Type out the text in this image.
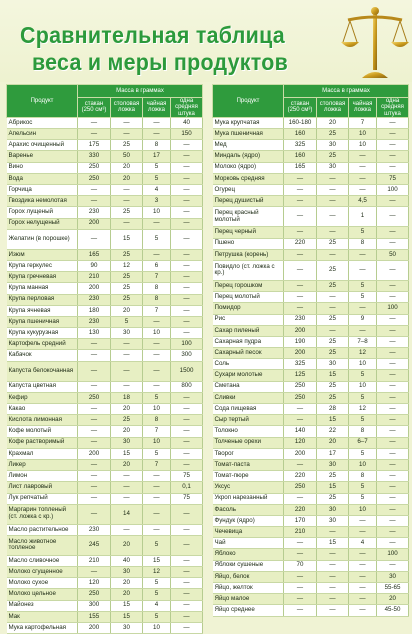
Сравнительная таблица
веса и меры продуктов
Продукт	Масса в граммах			
	стакан (250 см³)	столовая ложка	чайная ложка	одна средняя штука
Абрикос	—	—	—	40
Апельсин	—	—	—	150
Арахис очищенный	175	25	8	—
Варенье	330	50	17	—
Вино	250	20	5	—
Вода	250	20	5	—
Горчица	—	—	4	—
Гвоздика немолотая	—	—	3	—
Горох лущеный	230	25	10	—
Горох нелущеный	200	—	—	—
Желатин (в порошке)	—	15	5	—
Изюм	165	25	—	—
Крупа геркулес	90	12	6	—
Крупа гречневая	210	25	7	—
Крупа манная	200	25	8	—
Крупа перловая	230	25	8	—
Крупа ячневая	180	20	7	—
Крупа пшеничная	230	5	—	—
Крупа кукурузная	130	30	10	—
Картофель средний	—	—	—	100
Кабачок	—	—	—	300
Капуста белокочанная	—	—	—	1500
Капуста цветная	—	—	—	800
Кефир	250	18	5	—
Какао	—	20	10	—
Кислота лимонная	—	25	8	—
Кофе молотый	—	20	7	—
Кофе растворимый	—	30	10	—
Крахмал	200	15	5	—
Ликер	—	20	7	—
Лимон	—	—	—	75
Лист лавровый	—	—	—	0,1
Лук репчатый	—	—	—	75
Маргарин топленый (ст. ложка с кр.)	—	14	—	—
Масло растительное	230	—	—	—
Масло животное топленое	245	20	5	—
Масло сливочное	210	40	15	—
Молоко сгущенное	—	30	12	—
Молоко сухое	120	20	5	—
Молоко цельное	250	20	5	—
Майонез	300	15	4	—
Мак	155	15	5	—
Мука картофельная	200	30	10	—
Продукт	Масса в граммах			
	стакан (250 см³)	столовая ложка	чайная ложка	одна средняя штука
Мука крупчатая	160-180	20	7	—
Мука пшеничная	160	25	10	—
Мед	325	30	10	—
Миндаль (ядро)	160	25	—	—
Молоко (ядро)	165	30	—	—
Морковь средняя	—	—	—	75
Огурец	—	—	—	100
Перец душистый	—	—	4,5	—
Перец красный молотый	—	—	1	—
Перец черный	—	—	5	—
Пшено	220	25	8	—
Петрушка (корень)	—	—	—	50
Повидло (ст. ложка с кр.)	—	25	—	—
Перец горошком	—	25	5	—
Перец молотый	—	—	5	—
Помидор	—	—	—	100
Рис	230	25	9	—
Сахар пиленый	200	—	—	—
Сахарная пудра	190	25	7–8	—
Сахарный песок	200	25	12	—
Соль	325	30	10	—
Сухари молотые	125	15	5	—
Сметана	250	25	10	—
Сливки	250	25	5	—
Сода пищевая	—	28	12	—
Сыр тертый	—	15	5	—
Толокно	140	22	8	—
Толченые орехи	120	20	6–7	—
Творог	200	17	5	—
Томат-паста	—	30	10	—
Томат-пюре	220	25	8	—
Уксус	250	15	5	—
Укроп нарезанный	—	25	5	—
Фасоль	220	30	10	—
Фундук (ядро)	170	30	—	—
Чечевица	210	—	—	—
Чай	—	15	4	—
Яблоко	—	—	—	100
Яблоки сушеные	70	—	—	—
Яйцо, белок	—	—	—	30
Яйцо, желток	—	—	—	55-65
Яйцо малое	—	—	—	20
Яйцо среднее	—	—	—	45-50
